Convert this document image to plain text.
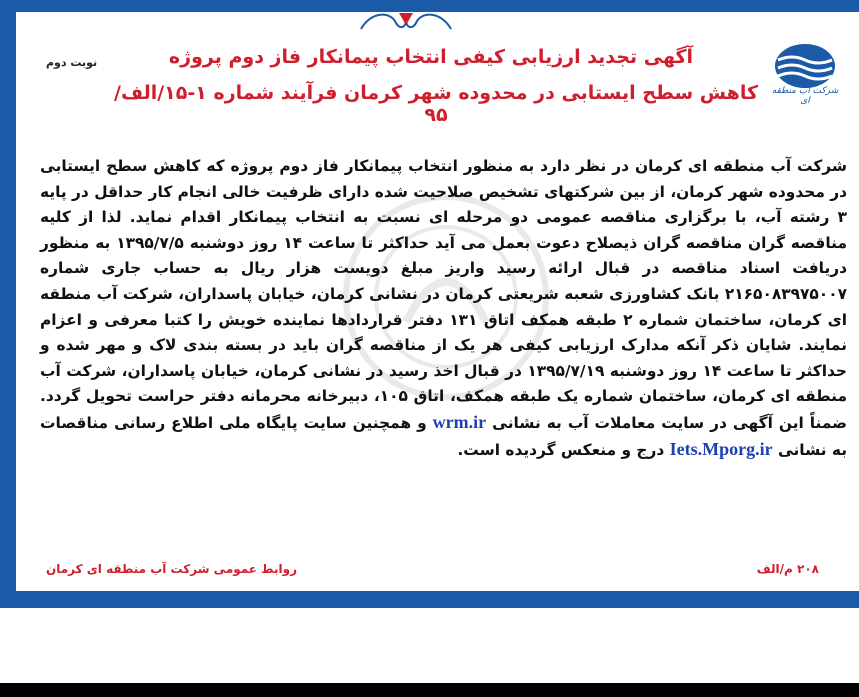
نوبت دوم
شرکت آب منطقه ای
آگهی تجدید ارزیابی کیفی انتخاب پیمانکار فاز دوم پروژه
کاهش سطح ایستابی در محدوده شهر کرمان فرآیند شماره ۱-۱۵/الف/۹۵
شرکت آب منطقه ای کرمان در نظر دارد به منظور انتخاب پیمانکار فاز دوم پروژه که کاهش سطح ایستابی در محدوده شهر کرمان، از بین شرکتهای تشخیص صلاحیت شده دارای ظرفیت خالی انجام کار حداقل در پایه ۳ رشته آب، با برگزاری مناقصه عمومی دو مرحله ای نسبت به انتخاب پیمانکار اقدام نماید. لذا از کلیه مناقصه گران مناقصه گران ذیصلاح دعوت بعمل می آید حداکثر تا ساعت ۱۴ روز دوشنبه ۱۳۹۵/۷/۵ به منظور دریافت اسناد مناقصه در قبال ارائه رسید واریز مبلغ دویست هزار ریال به حساب جاری شماره ۲۱۶۵۰۸۳۹۷۵۰۰۷ بانک کشاورزی شعبه شریعتی کرمان در نشانی کرمان، خیابان پاسداران، شرکت آب منطقه ای کرمان، ساختمان شماره ۲ طبقه همکف اتاق ۱۳۱ دفتر قراردادها نماینده خویش را کتبا معرفی و اعزام نمایند. شایان ذکر آنکه مدارک ارزیابی کیفی هر یک از مناقصه گران باید در بسته بندی لاک و مهر شده و حداکثر تا ساعت ۱۴ روز دوشنبه ۱۳۹۵/۷/۱۹ در قبال اخذ رسید در نشانی کرمان، خیابان پاسداران، شرکت آب منطقه ای کرمان، ساختمان شماره یک طبقه همکف، اتاق ۱۰۵، دبیرخانه محرمانه دفتر حراست تحویل گردد. ضمناً این آگهی در سایت معاملات آب به نشانی wrm.ir و همچنین سایت پایگاه ملی اطلاع رسانی مناقصات به نشانی Iets.Mporg.ir درج و منعکس گردیده است.
۲۰۸ م/الف
روابط عمومی شرکت آب منطقه ای کرمان
